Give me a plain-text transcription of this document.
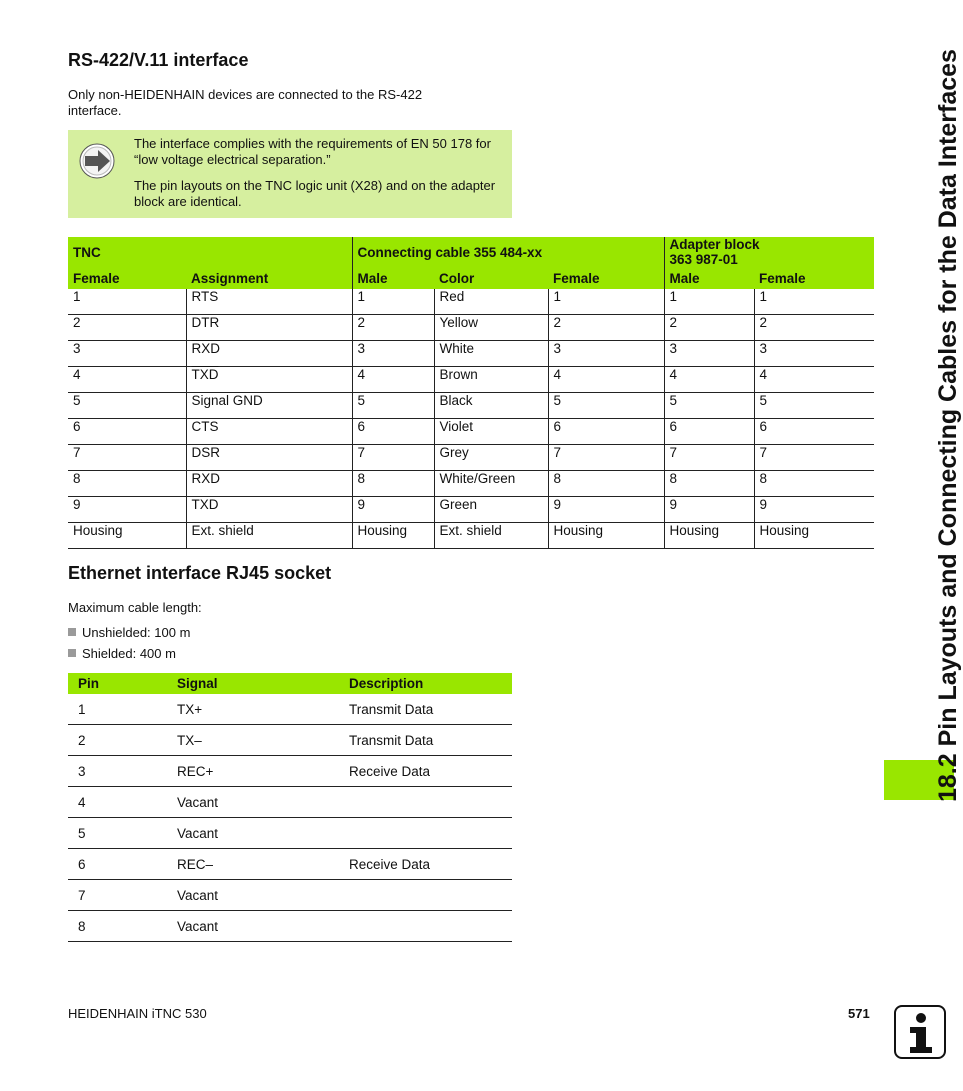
RS-422/V.11 interface
Only non-HEIDENHAIN devices are connected to the RS-422 interface.

The interface complies with the requirements of EN 50 178 for “low voltage electrical separation.”

The pin layouts on the TNC logic unit (X28) and on the adapter block are identical.

TNC		Connecting cable 355 484-xx			Adapter block
363 987-01	
Female	Assignment	Male	Color	Female	Male	Female
1	RTS	1	Red	1	1	1
2	DTR	2	Yellow	2	2	2
3	$\overline{RXD}$	3	White	3	3	3
4	$\overline{TXD}$	4	Brown	4	4	4
5	Signal GND	5	Black	5	5	5
6	CTS	6	Violet	6	6	6
7	DSR	7	Grey	7	7	7
8	RXD	8	White/Green	8	8	8
9	TXD	9	Green	9	9	9
Housing	Ext. shield	Housing	Ext. shield	Housing	Housing	Housing
Ethernet interface RJ45 socket
Maximum cable length:
Unshielded: 100 m
Shielded: 400 m
Pin	Signal	Description
1	TX+	Transmit Data
2	TX–	Transmit Data
3	REC+	Receive Data
4	Vacant	
5	Vacant	
6	REC–	Receive Data
7	Vacant	
8	Vacant	
18.2 Pin Layouts and Connecting Cables for the Data Interfaces
HEIDENHAIN iTNC 530	571
